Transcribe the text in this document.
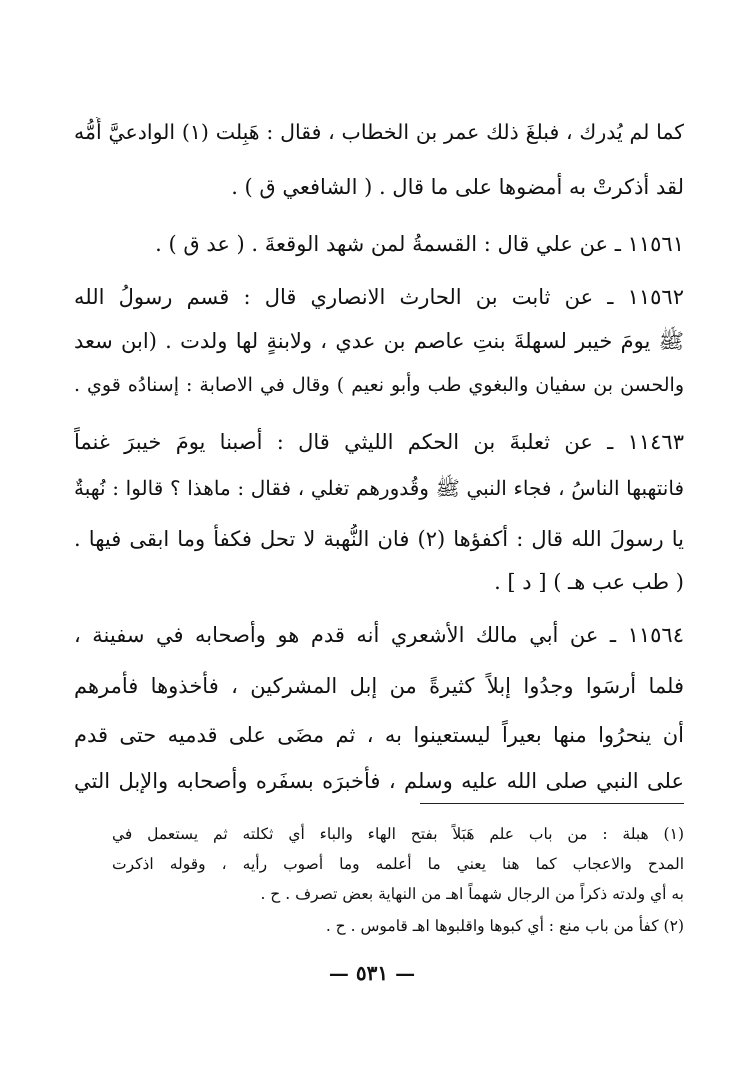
كما لم يُدرك ، فبلغَ ذلك عمر بن الخطاب ، فقال : هَبِلت (١) الوادعيَّ أُمُّه
لقد أذكرتْ به أمضوها على ما قال . ( الشافعي ق ) .
١١٥٦١ ـ عن علي قال : القسمةُ لمن شهد الوقعةَ . ( عد ق ) .
١١٥٦٢ ـ عن ثابت بن الحارث الانصاري قال : قسم رسولُ الله
ﷺ يومَ خيبر لسهلةَ بنتِ عاصم بن عدي ، ولابنةٍ لها ولدت . (ابن سعد
والحسن بن سفيان والبغوي طب وأبو نعيم ) وقال في الاصابة : إسنادُه قوي .
١١٤٦٣ ـ عن ثعلبةَ بن الحكم الليثي قال : أصبنا يومَ خيبرَ غنماً
فانتهبها الناسُ ، فجاء النبي ﷺ وقُدورهم تغلي ، فقال : ماهذا ؟ قالوا : نُهبةٌ
يا رسولَ الله قال : أكفؤها (٢) فان النُّهبة لا تحل فكفأ وما ابقى فيها .
( طب عب هـ ) [ د ] .
١١٥٦٤ ـ عن أبي مالك الأشعري أنه قدم هو وأصحابه في سفينة ،
فلما أرسَوا وجدُوا إبلاً كثيرةً من إبل المشركين ، فأخذوها فأمرهم
أن ينحرُوا منها بعيراً ليستعينوا به ، ثم مضَى على قدميه حتى قدم
على النبي صلى الله عليه وسلم ، فأخبرَه بسفَره وأصحابه والإبل التي
(١) هبلة : من باب علم هَبَلاً بفتح الهاء والباء أي ثكلته ثم يستعمل في
المدح والاعجاب كما هنا يعني ما أعلمه وما أصوب رأيه ، وقوله اذكرت
به أي ولدته ذكراً من الرجال شهماً اهـ من النهاية بعض تصرف . ح .
(٢) كفأ من باب منع : أي كبوها واقلبوها اهـ قاموس . ح .
— ٥٣١ —
